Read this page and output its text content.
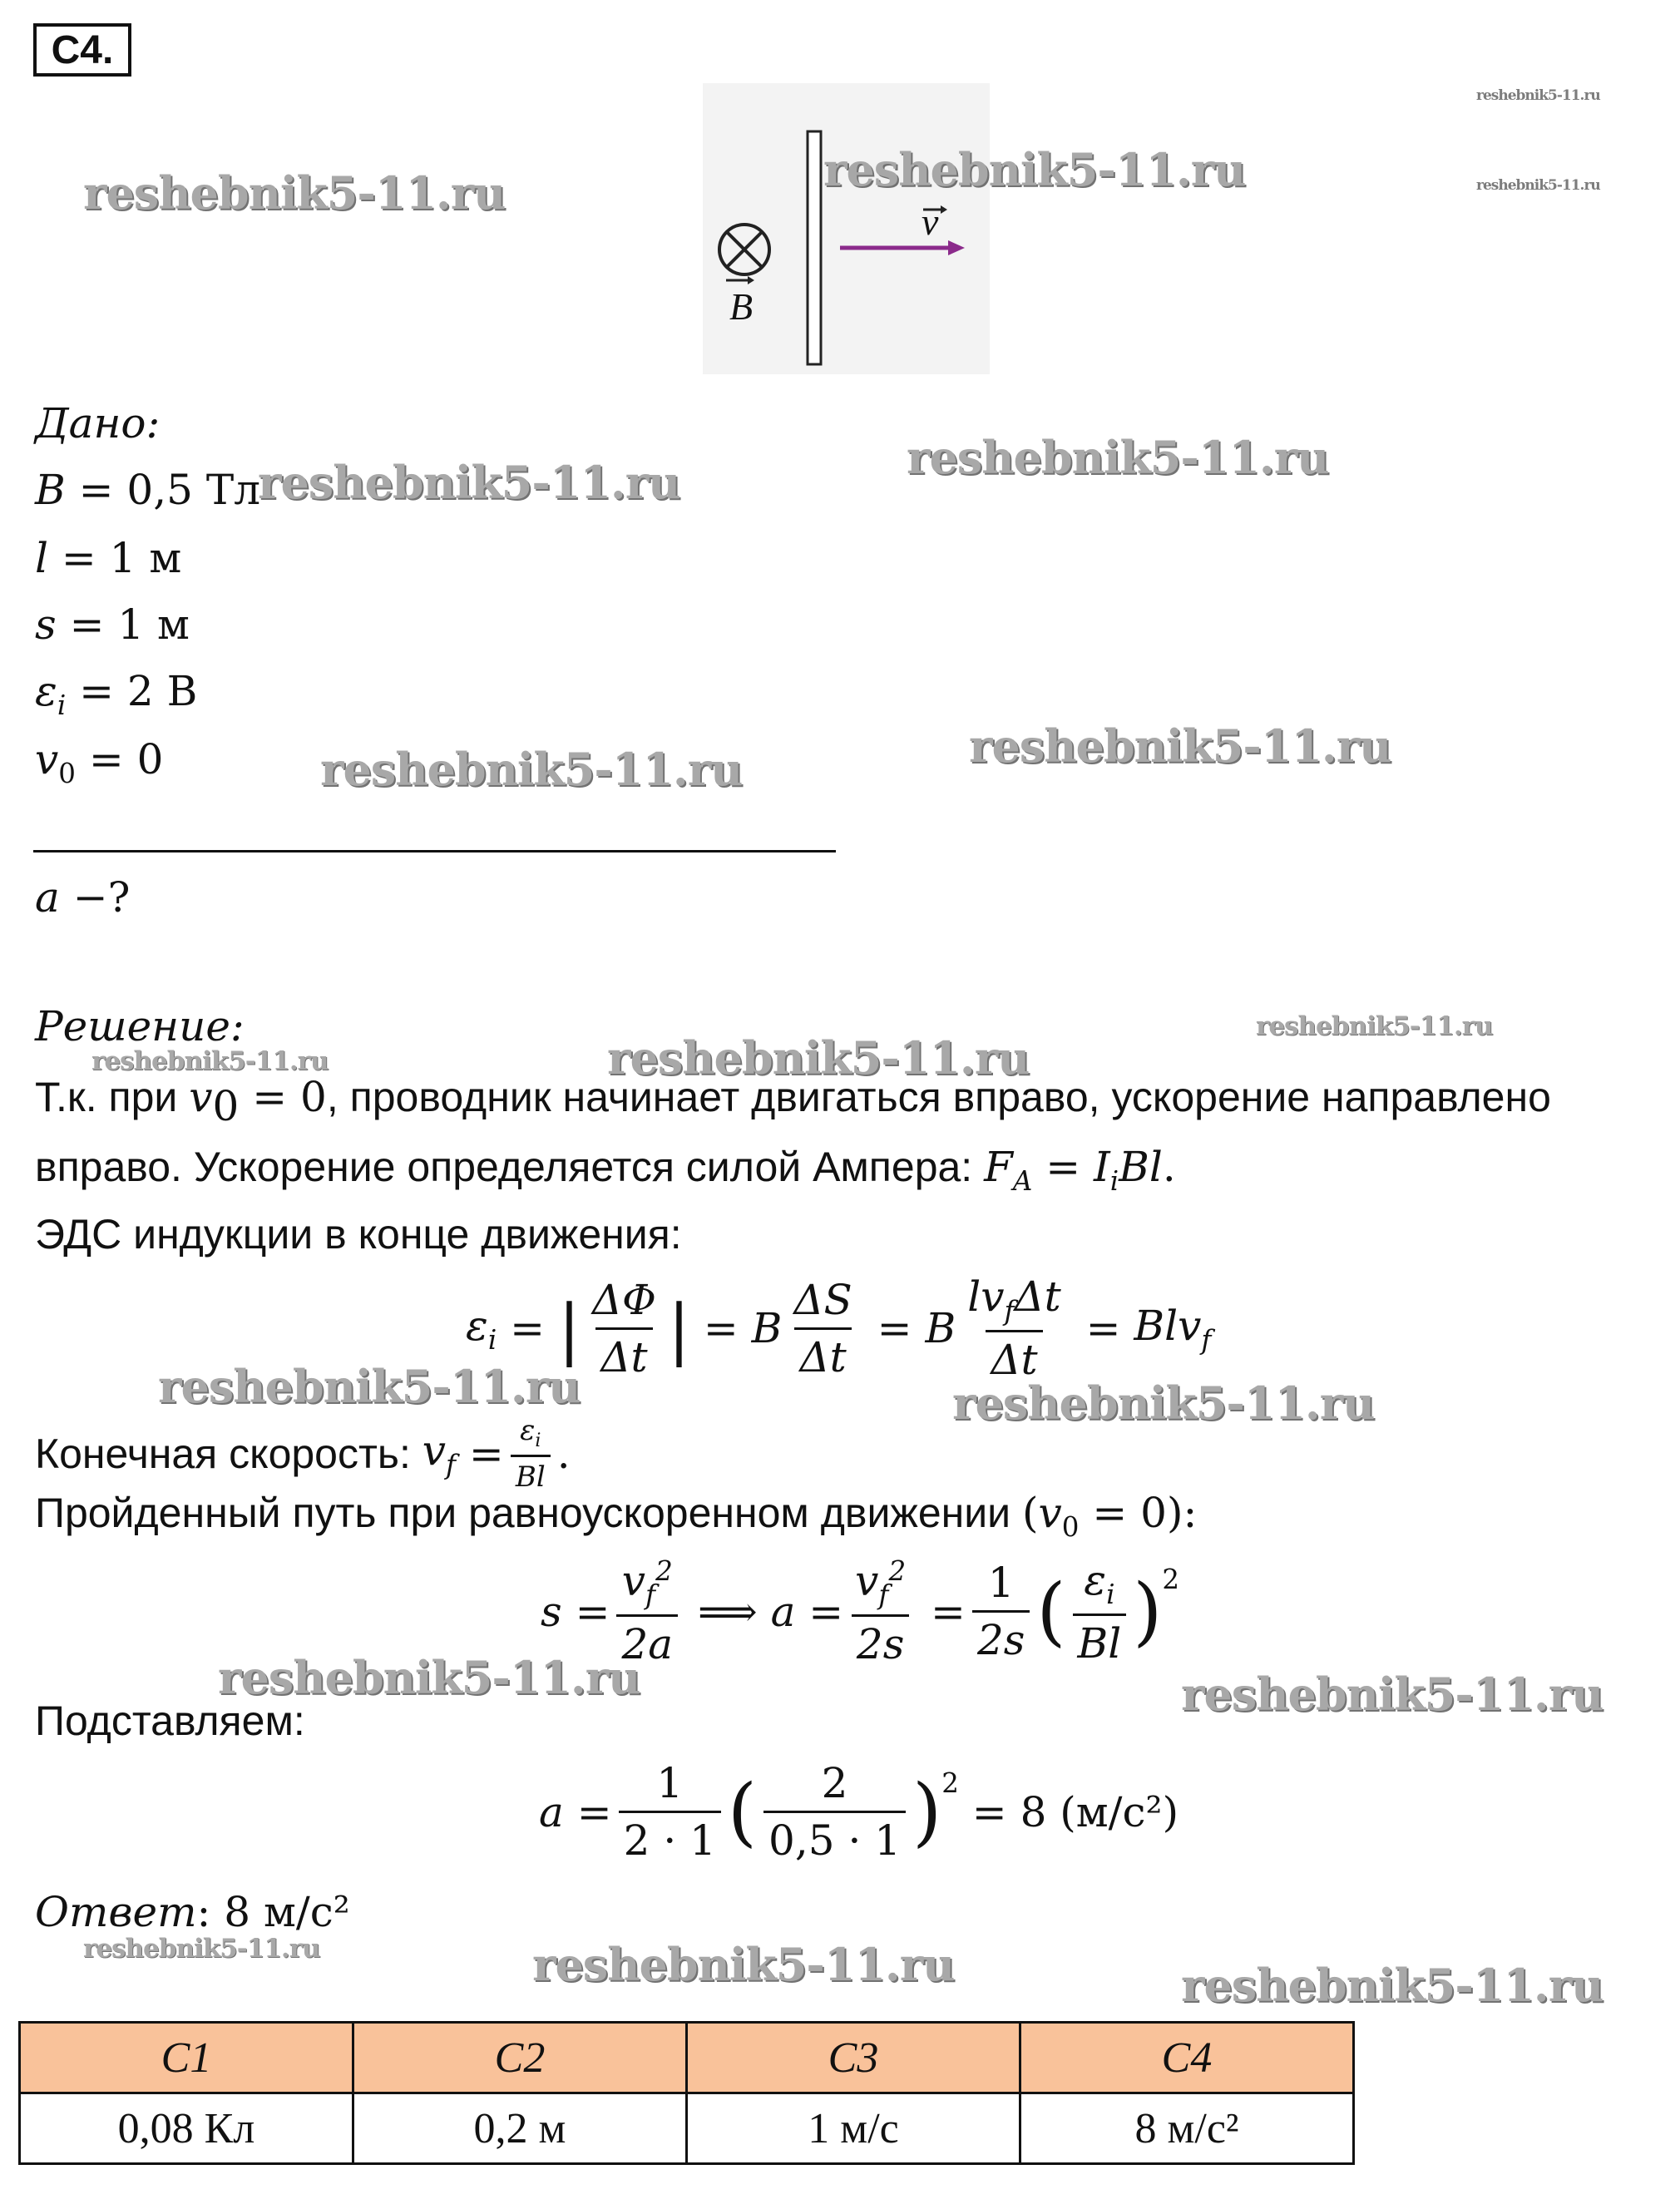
С4.
B
v
Дано:
B = 0,5 Тл
l = 1 м
s = 1 м
$\varepsilon_i = 2$ В
$v_0 = 0$
a −?
Решение:
Т.к. при $v_0 = 0$, проводник начинает двигаться вправо, ускорение направлено
вправо. Ускорение определяется силой Ампера: $F_A = I_iBl$.
ЭДС индукции в конце движения:
$\varepsilon_i$ = | $\frac{\Delta\Phi}{\Delta t}$ | = B $\frac{\Delta S}{\Delta t} = B \frac{lv_f\Delta t}{\Delta t} = Blv_f$
Конечная скорость:
$v_f = \frac{\varepsilon_i}{Bl}$ .
Пройденный путь при равноускоренном движении $(v_0 = 0)$:
$s = \frac{v_f^2}{2a}$ ⟹ $a = \frac{v_f^2}{2s} = \frac{1}{2s}$ ( $\frac{\varepsilon_i}{Bl} )^2$
Подставляем:
$a = \frac{1}{2 \cdot 1}$ ( $\frac{2}{0,5 \cdot 1} )^2$

= 8 (м/с²)
Ответ: 8 м/с²
С1	С2	С3	С4
0,08 Кл	0,2 м	1 м/с	8 м/с²
reshebnik5-11.ru	reshebnik5-11.ru
reshebnik5-11.ru
reshebnik5-11.ru
reshebnik5-11.ru	reshebnik5-11.ru
reshebnik5-11.ru
reshebnik5-11.ru
reshebnik5-11.ru
reshebnik5-11.ru	reshebnik5-11.ru
reshebnik5-11.ru	reshebnik5-11.ru
reshebnik5-11.ru	reshebnik5-11.ru
reshebnik5-11.ru	reshebnik5-11.ru	reshebnik5-11.ru
